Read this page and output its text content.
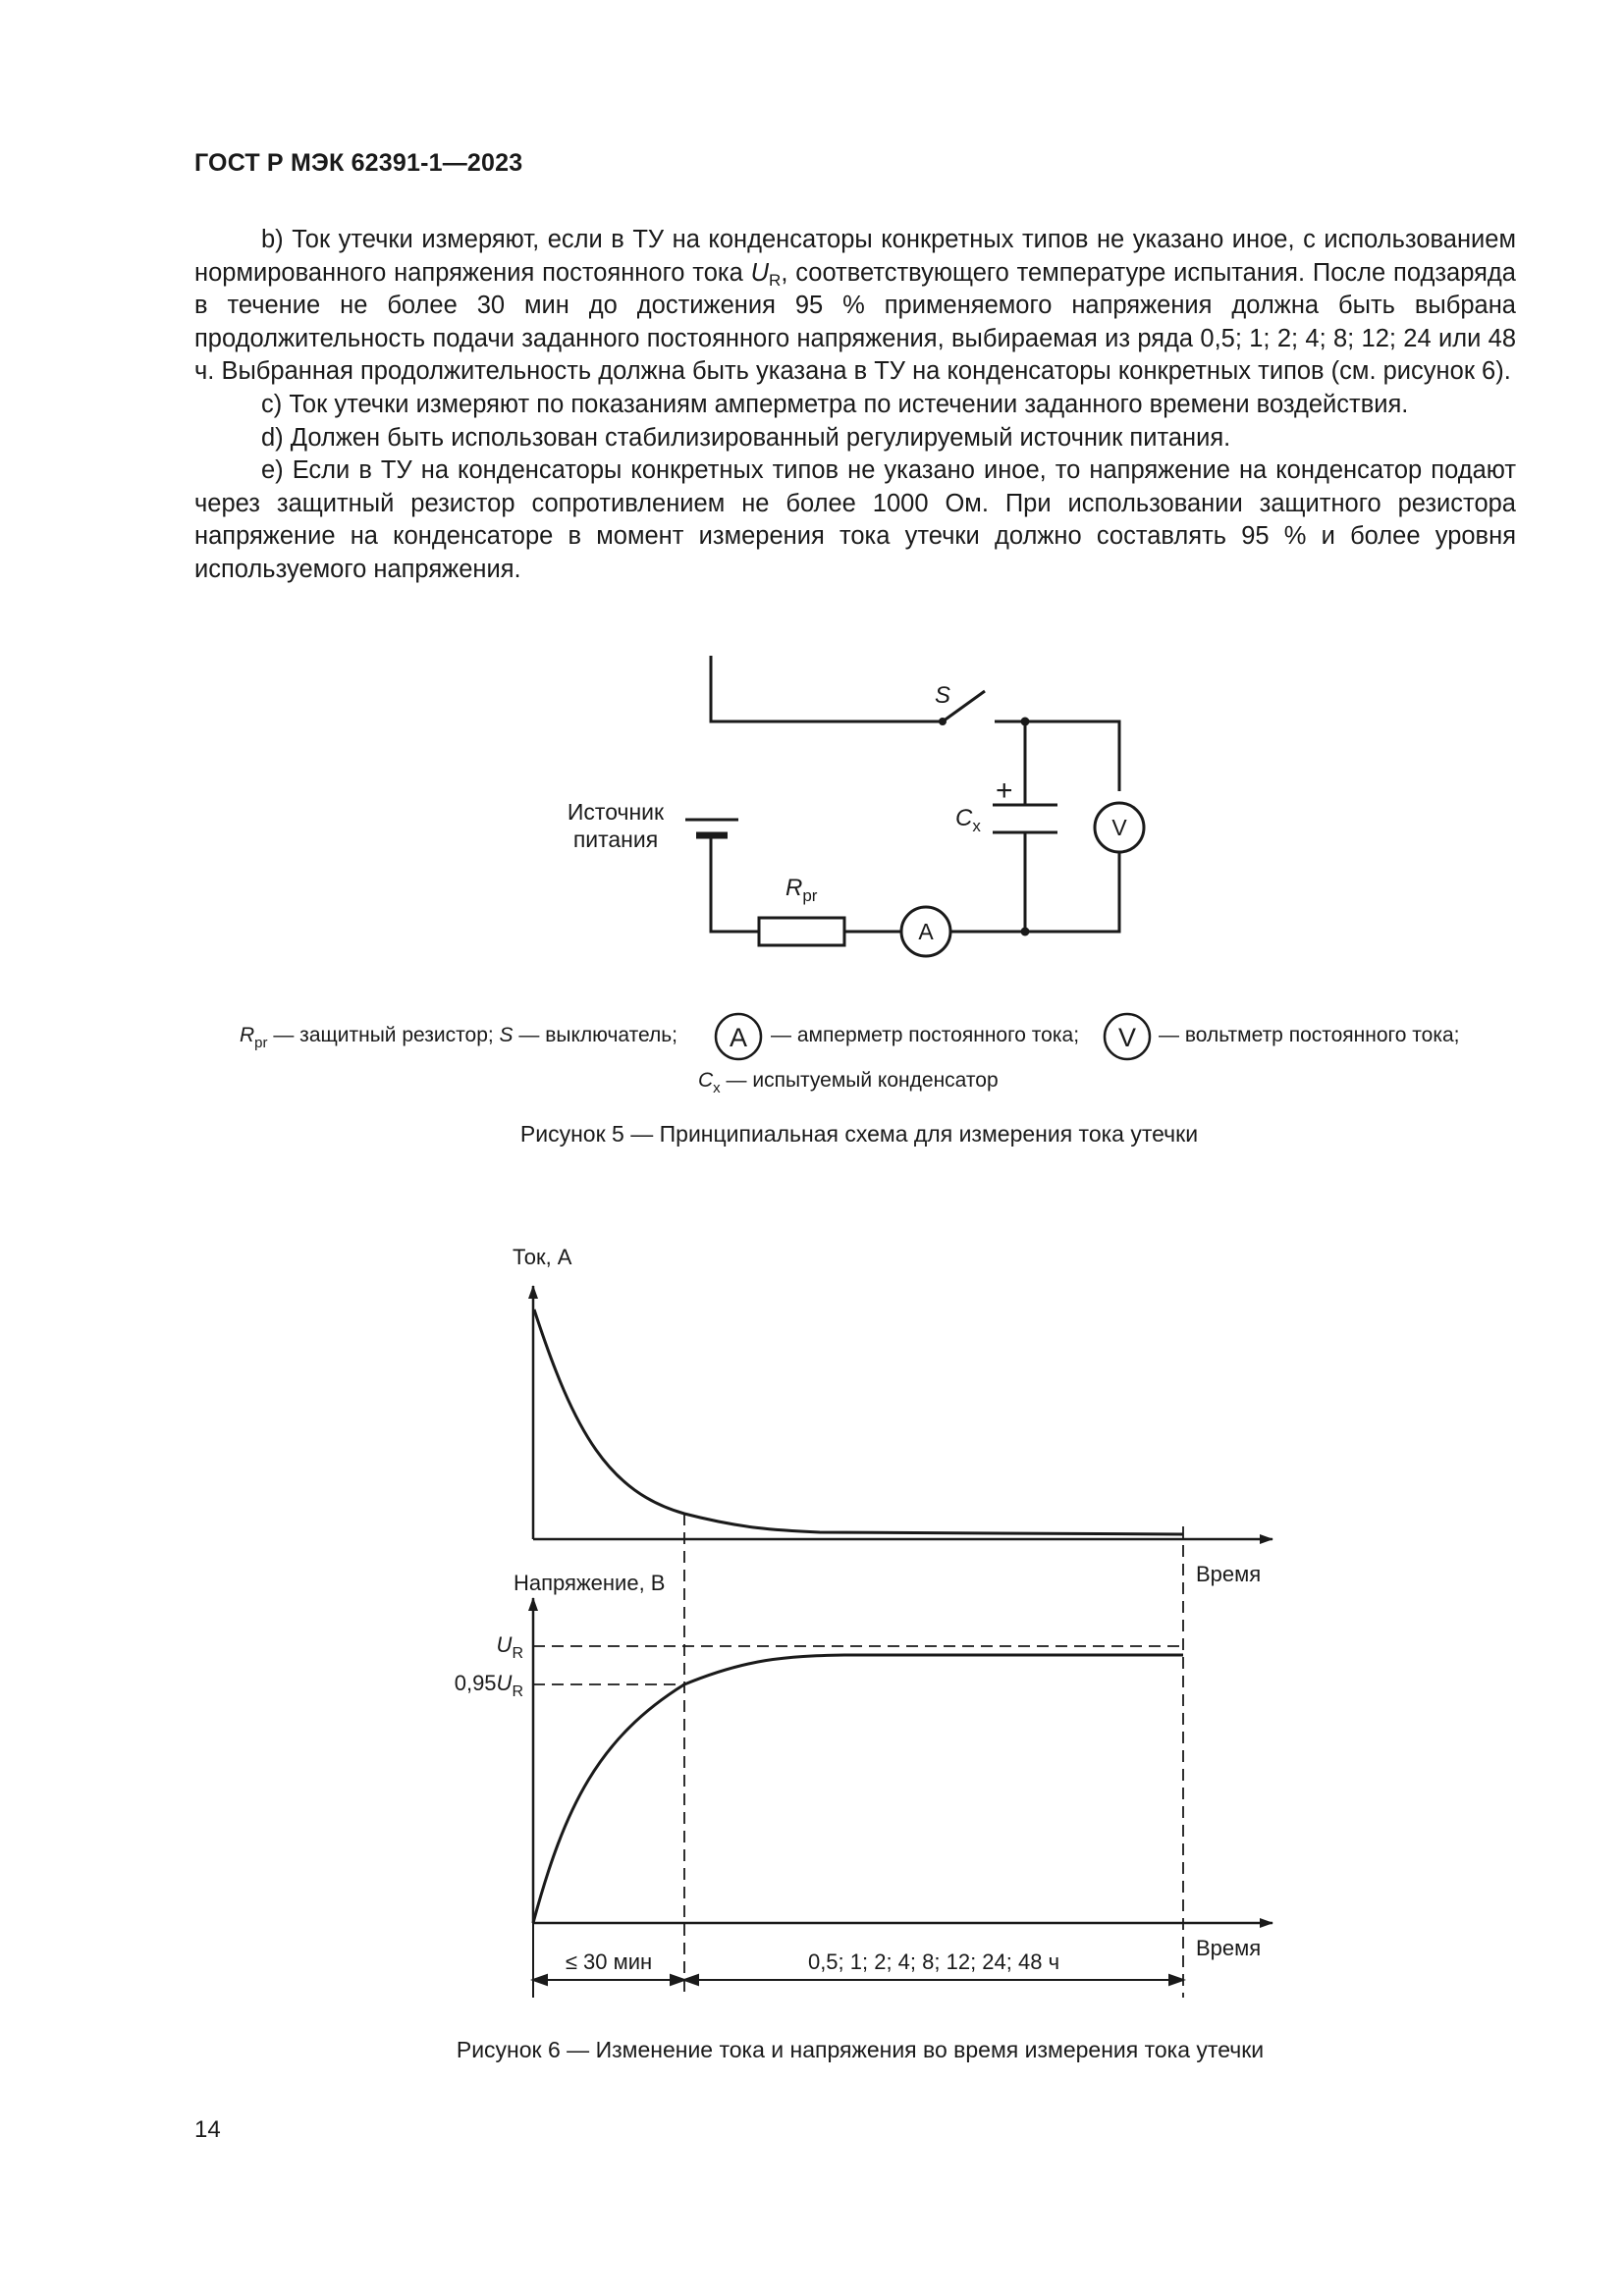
ГОСТ Р МЭК 62391-1—2023

b) Ток утечки измеряют, если в ТУ на конденсаторы конкретных типов не указано иное, с использованием нормированного напряжения постоянного тока $U_R$, соответствующего температуре испытания. После подзаряда в течение не более 30 мин до достижения 95 % применяемого напряжения должна быть выбрана продолжительность подачи заданного постоянного напряжения, выбираемая из ряда 0,5; 1; 2; 4; 8; 12; 24 или 48 ч. Выбранная продолжительность должна быть указана в ТУ на конденсаторы конкретных типов (см. рисунок 6).

c) Ток утечки измеряют по показаниям амперметра по истечении заданного времени воздействия.

d) Должен быть использован стабилизированный регулируемый источник питания.

e) Если в ТУ на конденсаторы конкретных типов не указано иное, то напряжение на конденсатор подают через защитный резистор сопротивлением не более 1000 Ом. При использовании защитного резистора напряжение на конденсаторе в момент измерения тока утечки должно составлять 95 % и более уровня используемого напряжения.

S
Источник
питания
$R_{pr}$
$C_x$
+
V
A
$R_{pr}$ — защитный резистор; S — выключатель; A — амперметр постоянного тока; V — вольтметр постоянного тока;
$C_x$ — испытуемый конденсатор
Рисунок 5 — Принципиальная схема для измерения тока утечки
Ток, А
Время
Напряжение, В
$U_R$
$0,95U_R$
Время
≤ 30 мин	0,5; 1; 2; 4; 8; 12; 24; 48 ч
Рисунок 6 — Изменение тока и напряжения во время измерения тока утечки
14
